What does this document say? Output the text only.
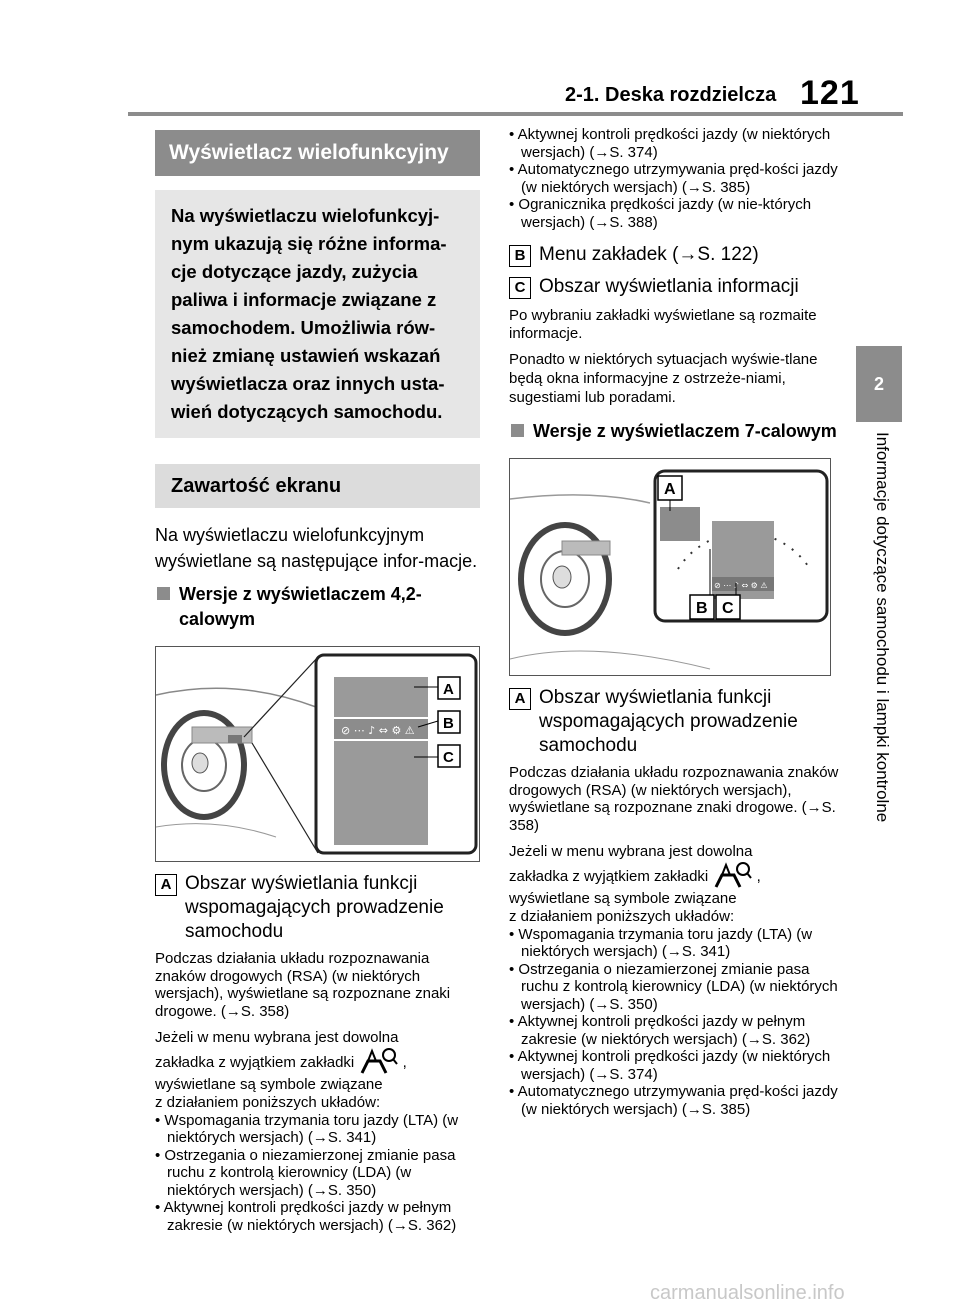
2-1. Deska rozdzielcza 121
2
Informacje dotyczące samochodu i lampki kontrolne
Wyświetlacz wielofunkcyjny
Na wyświetlaczu wielofunkcyj-nym ukazują się różne informa-cje dotyczące jazdy, zużycia paliwa i informacje związane z samochodem. Umożliwia rów-nież zmianę ustawień wskazań wyświetlacza oraz innych usta-wień dotyczących samochodu.
Zawartość ekranu
Na wyświetlaczu wielofunkcyjnym wyświetlane są następujące infor-macje.
Wersje z wyświetlaczem 4,2-calowym
⊘ ⋯ ♪ ⇔ ⚙ ⚠
A
B
C
A Obszar wyświetlania funkcji wspomagających prowadzenie samochodu
Podczas działania układu rozpoznawania znaków drogowych (RSA) (w niektórych wersjach), wyświetlane są rozpoznane znaki drogowe. (→S. 358)
Jeżeli w menu wybrana jest dowolna
zakładka z wyjątkiem zakładki	,
wyświetlane są symbole związane
z działaniem poniższych układów:
• Wspomagania trzymania toru jazdy (LTA) (w niektórych wersjach) (→S. 341)
• Ostrzegania o niezamierzonej zmianie pasa ruchu z kontrolą kierownicy (LDA) (w niektórych wersjach) (→S. 350)
• Aktywnej kontroli prędkości jazdy w pełnym zakresie (w niektórych wersjach) (→S. 362)
• Aktywnej kontroli prędkości jazdy (w niektórych wersjach) (→S. 374)
• Automatycznego utrzymywania pręd-kości jazdy (w niektórych wersjach) (→S. 385)
• Ogranicznika prędkości jazdy (w nie-których wersjach) (→S. 388)
B Menu zakładek (→S. 122)
C Obszar wyświetlania informacji
Po wybraniu zakładki wyświetlane są rozmaite informacje.
Ponadto w niektórych sytuacjach wyświe-tlane będą okna informacyjne z ostrzeże-niami, sugestiami lub poradami.
Wersje z wyświetlaczem 7-calowym
⊘ ⋯ ♪ ⇔ ⚙ ⚠
A
B C
A Obszar wyświetlania funkcji wspomagających prowadzenie samochodu
Podczas działania układu rozpoznawania znaków drogowych (RSA) (w niektórych wersjach), wyświetlane są rozpoznane znaki drogowe. (→S. 358)
Jeżeli w menu wybrana jest dowolna
zakładka z wyjątkiem zakładki	,
wyświetlane są symbole związane
z działaniem poniższych układów:
• Wspomagania trzymania toru jazdy (LTA) (w niektórych wersjach) (→S. 341)
• Ostrzegania o niezamierzonej zmianie pasa ruchu z kontrolą kierownicy (LDA) (w niektórych wersjach) (→S. 350)
• Aktywnej kontroli prędkości jazdy w pełnym zakresie (w niektórych wersjach) (→S. 362)
• Aktywnej kontroli prędkości jazdy (w niektórych wersjach) (→S. 374)
• Automatycznego utrzymywania pręd-kości jazdy (w niektórych wersjach) (→S. 385)
carmanualsonline.info
